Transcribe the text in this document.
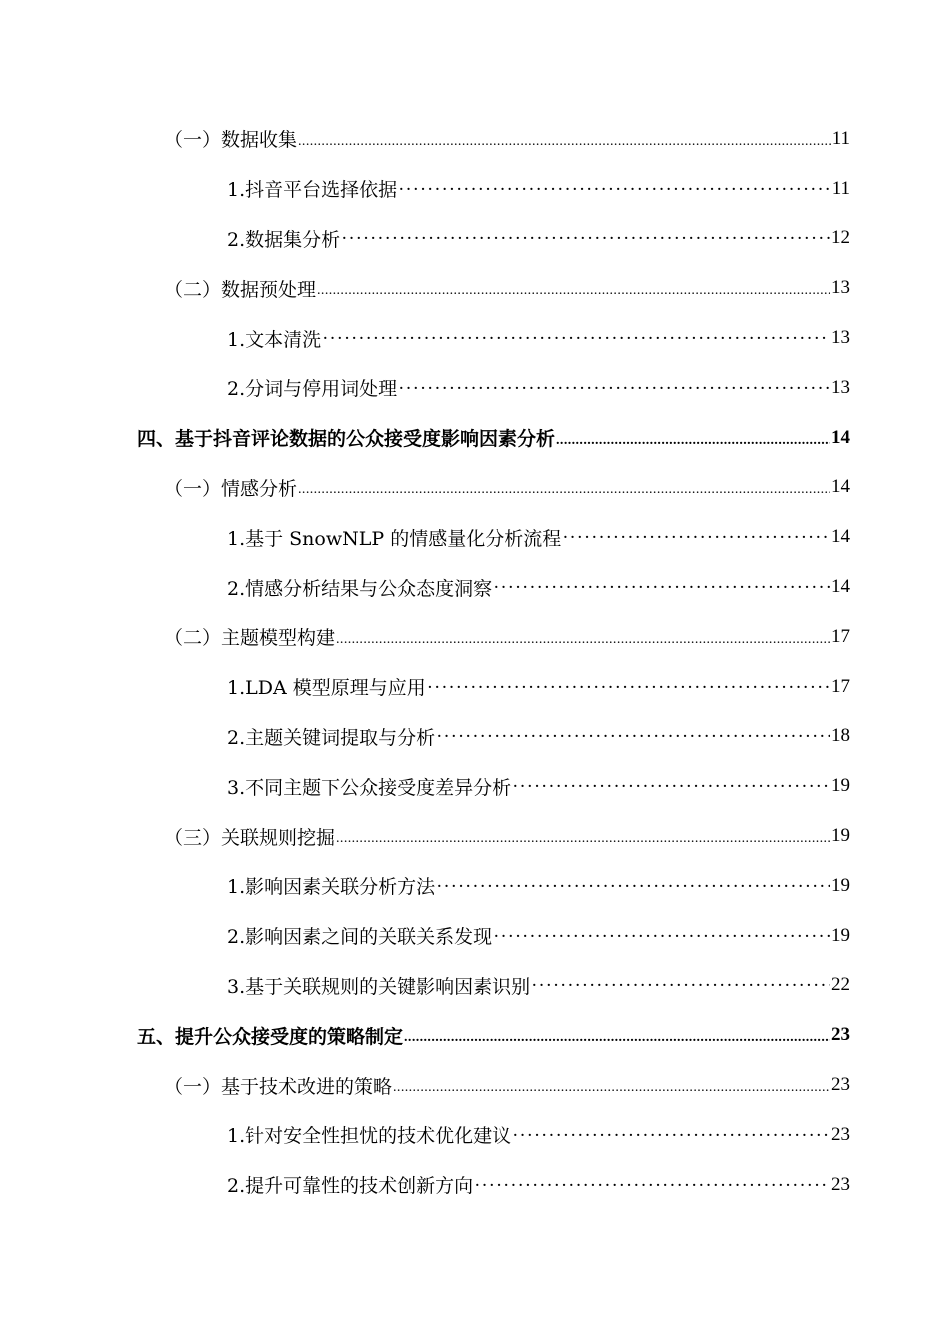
（一）数据收集 .....	11
1.抖音平台选择依据 ·····	11
2.数据集分析 ·····	12
（二）数据预处理 .....	13
1.文本清洗 ·····	13
2.分词与停用词处理 ·····	13
四、基于抖音评论数据的公众接受度影响因素分析 .....	14
（一）情感分析 .....	14
1.基于 SnowNLP 的情感量化分析流程 ·····	14
2.情感分析结果与公众态度洞察 ·····	14
（二）主题模型构建 .....	17
1.LDA 模型原理与应用 ·····	17
2.主题关键词提取与分析 ·····	18
3.不同主题下公众接受度差异分析 ·····	19
（三）关联规则挖掘 .....	19
1.影响因素关联分析方法 ·····	19
2.影响因素之间的关联关系发现 ·····	19
3.基于关联规则的关键影响因素识别 ·····	22
五、提升公众接受度的策略制定 .....	23
（一）基于技术改进的策略 .....	23
1.针对安全性担忧的技术优化建议 ·····	23
2.提升可靠性的技术创新方向 ·····	23
